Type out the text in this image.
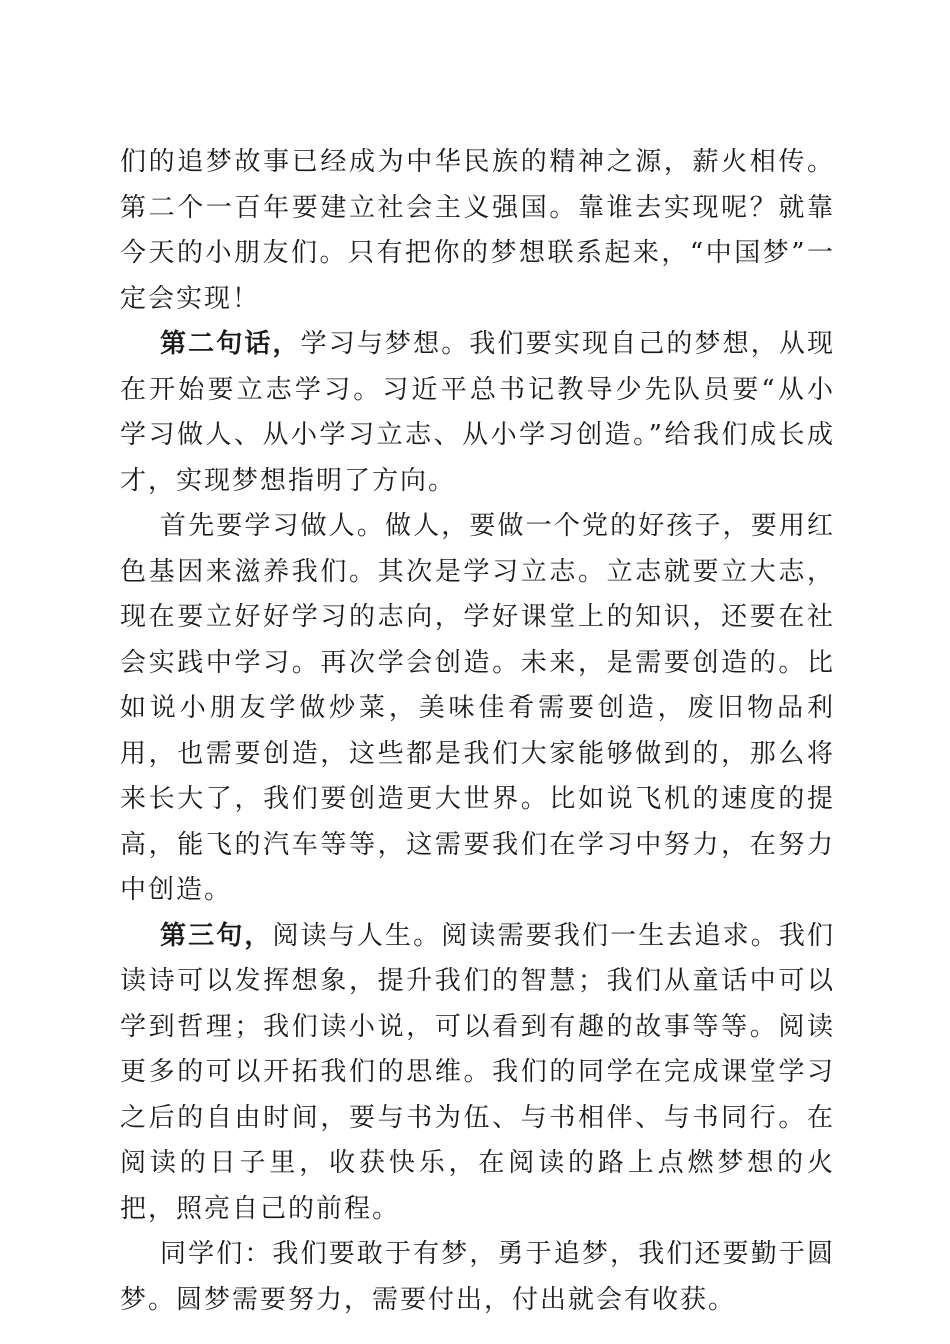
们的追梦故事已经成为中华民族的精神之源，薪火相传。第二个一百年要建立社会主义强国。靠谁去实现呢？就靠今天的小朋友们。只有把你的梦想联系起来，“中国梦”一定会实现！

第二句话，学习与梦想。我们要实现自己的梦想，从现在开始要立志学习。习近平总书记教导少先队员要“从小学习做人、从小学习立志、从小学习创造。”给我们成长成才，实现梦想指明了方向。

首先要学习做人。做人，要做一个党的好孩子，要用红色基因来滋养我们。其次是学习立志。立志就要立大志，现在要立好好学习的志向，学好课堂上的知识，还要在社会实践中学习。再次学会创造。未来，是需要创造的。比如说小朋友学做炒菜，美味佳肴需要创造，废旧物品利用，也需要创造，这些都是我们大家能够做到的，那么将来长大了，我们要创造更大世界。比如说飞机的速度的提高，能飞的汽车等等，这需要我们在学习中努力，在努力中创造。

第三句，阅读与人生。阅读需要我们一生去追求。我们读诗可以发挥想象，提升我们的智慧；我们从童话中可以学到哲理；我们读小说，可以看到有趣的故事等等。阅读更多的可以开拓我们的思维。我们的同学在完成课堂学习之后的自由时间，要与书为伍、与书相伴、与书同行。在阅读的日子里，收获快乐，在阅读的路上点燃梦想的火把，照亮自己的前程。

同学们：我们要敢于有梦，勇于追梦，我们还要勤于圆梦。圆梦需要努力，需要付出，付出就会有收获。
